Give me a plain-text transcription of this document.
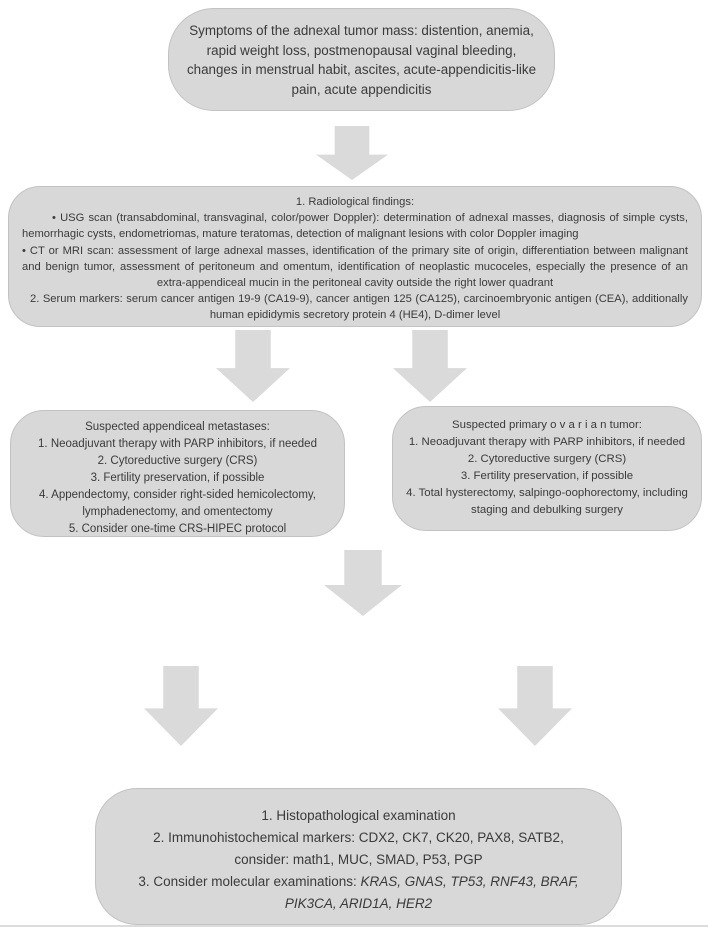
Symptoms of the adnexal tumor mass: distention, anemia, rapid weight loss, postmenopausal vaginal bleeding, changes in menstrual habit, ascites, acute-appendicitis-like pain, acute appendicitis

1. Radiological findings:

• USG scan (transabdominal, transvaginal, color/power Doppler): determination of adnexal masses, diagnosis of simple cysts, hemorrhagic cysts, endometriomas, mature teratomas, detection of malignant lesions with color Doppler imaging

• CT or MRI scan: assessment of large adnexal masses, identification of the primary site of origin, differentiation between malignant and benign tumor, assessment of peritoneum and omentum, identification of neoplastic mucoceles, especially the presence of an extra-appendiceal mucin in the peritoneal cavity outside the right lower quadrant

2. Serum markers: serum cancer antigen 19-9 (CA19-9), cancer antigen 125 (CA125), carcinoembryonic antigen (CEA), additionally human epididymis secretory protein 4 (HE4), D-dimer level

Suspected appendiceal metastases:

1. Neoadjuvant therapy with PARP inhibitors, if needed

2. Cytoreductive surgery (CRS)

3. Fertility preservation, if possible

4. Appendectomy, consider right-sided hemicolectomy, lymphadenectomy, and omentectomy

5. Consider one-time CRS-HIPEC protocol

Suspected primary o v a r i a n tumor:

1. Neoadjuvant therapy with PARP inhibitors, if needed

2. Cytoreductive surgery (CRS)

3. Fertility preservation, if possible

4. Total hysterectomy, salpingo-oophorectomy, including staging and debulking surgery

1. Histopathological examination

2. Immunohistochemical markers: CDX2, CK7, CK20, PAX8, SATB2, consider: math1, MUC, SMAD, P53, PGP

3. Consider molecular examinations: KRAS, GNAS, TP53, RNF43, BRAF, PIK3CA, ARID1A, HER2
